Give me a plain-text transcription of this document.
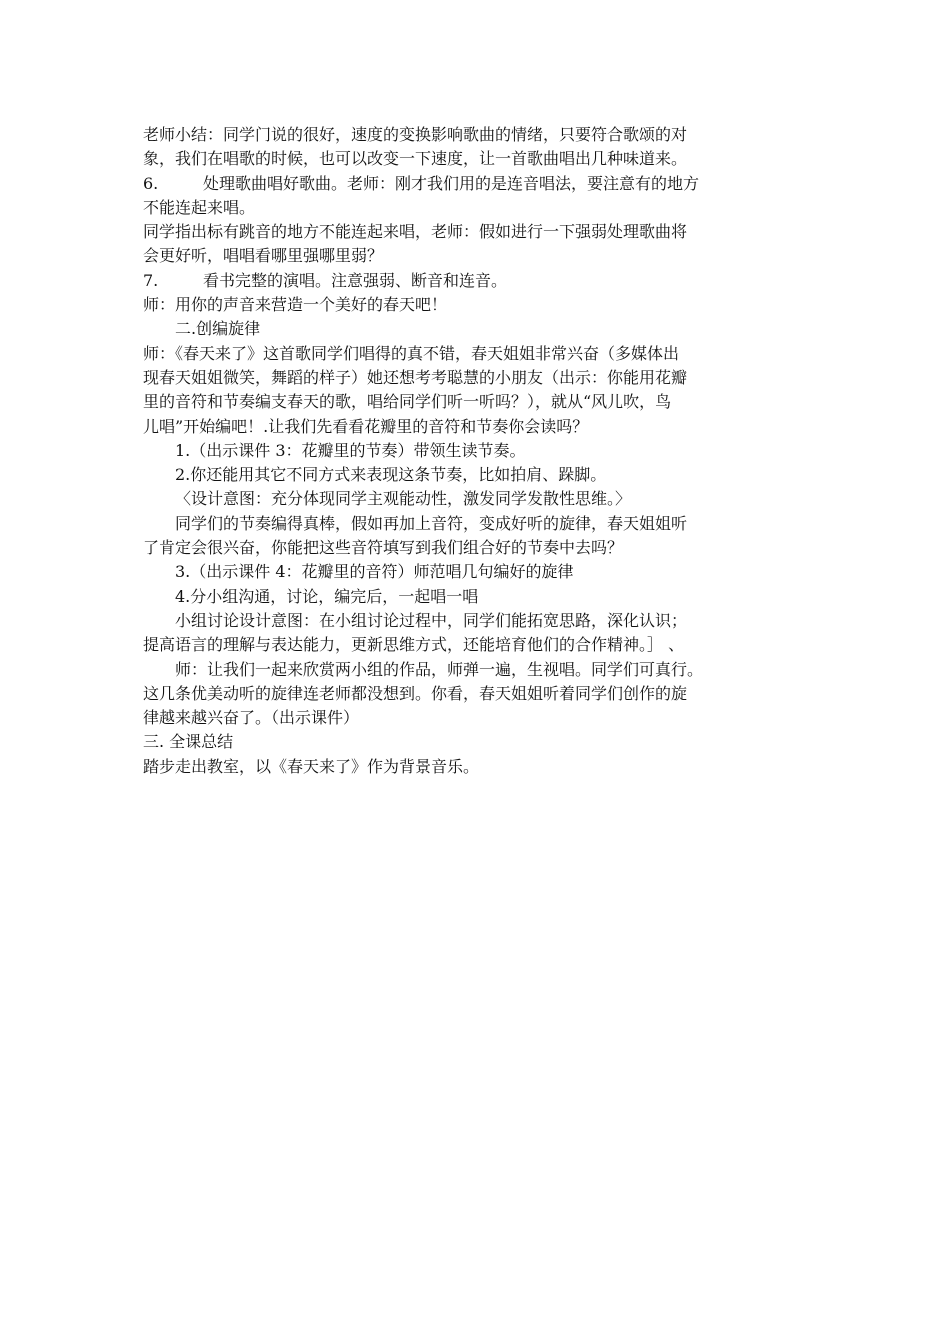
老师小结：同学门说的很好，速度的变换影响歌曲的情绪，只要符合歌颂的对
象，我们在唱歌的时候，也可以改变一下速度，让一首歌曲唱出几种味道来。
6.	处理歌曲唱好歌曲。老师：刚才我们用的是连音唱法，要注意有的地方
不能连起来唱。
同学指出标有跳音的地方不能连起来唱，老师：假如进行一下强弱处理歌曲将
会更好听，唱唱看哪里强哪里弱？
7.	看书完整的演唱。注意强弱、断音和连音。
师：用你的声音来营造一个美好的春天吧！
二.创编旋律
师：《春天来了》这首歌同学们唱得的真不错，春天姐姐非常兴奋（多媒体出
现春天姐姐微笑，舞蹈的样子）她还想考考聪慧的小朋友（出示：你能用花瓣
里的音符和节奏编支春天的歌，唱给同学们听一听吗？），就从“风儿吹，鸟
儿唱”开始编吧！.让我们先看看花瓣里的音符和节奏你会读吗？
1.（出示课件 3：花瓣里的节奏）带领生读节奏。
2.你还能用其它不同方式来表现这条节奏，比如拍肩、跺脚。
〈设计意图：充分体现同学主观能动性，激发同学发散性思维。〉
同学们的节奏编得真棒，假如再加上音符，变成好听的旋律，春天姐姐听
了肯定会很兴奋，你能把这些音符填写到我们组合好的节奏中去吗？
3.（出示课件 4：花瓣里的音符）师范唱几句编好的旋律
4.分小组沟通，讨论，编完后，一起唱一唱
小组讨论设计意图：在小组讨论过程中，同学们能拓宽思路，深化认识；
提高语言的理解与表达能力，更新思维方式，还能培育他们的合作精神。］ 、
师：让我们一起来欣赏两小组的作品，师弹一遍，生视唱。同学们可真行。
这几条优美动听的旋律连老师都没想到。你看，春天姐姐听着同学们创作的旋
律越来越兴奋了。（出示课件）
三. 全课总结
踏步走出教室，以《春天来了》作为背景音乐。
